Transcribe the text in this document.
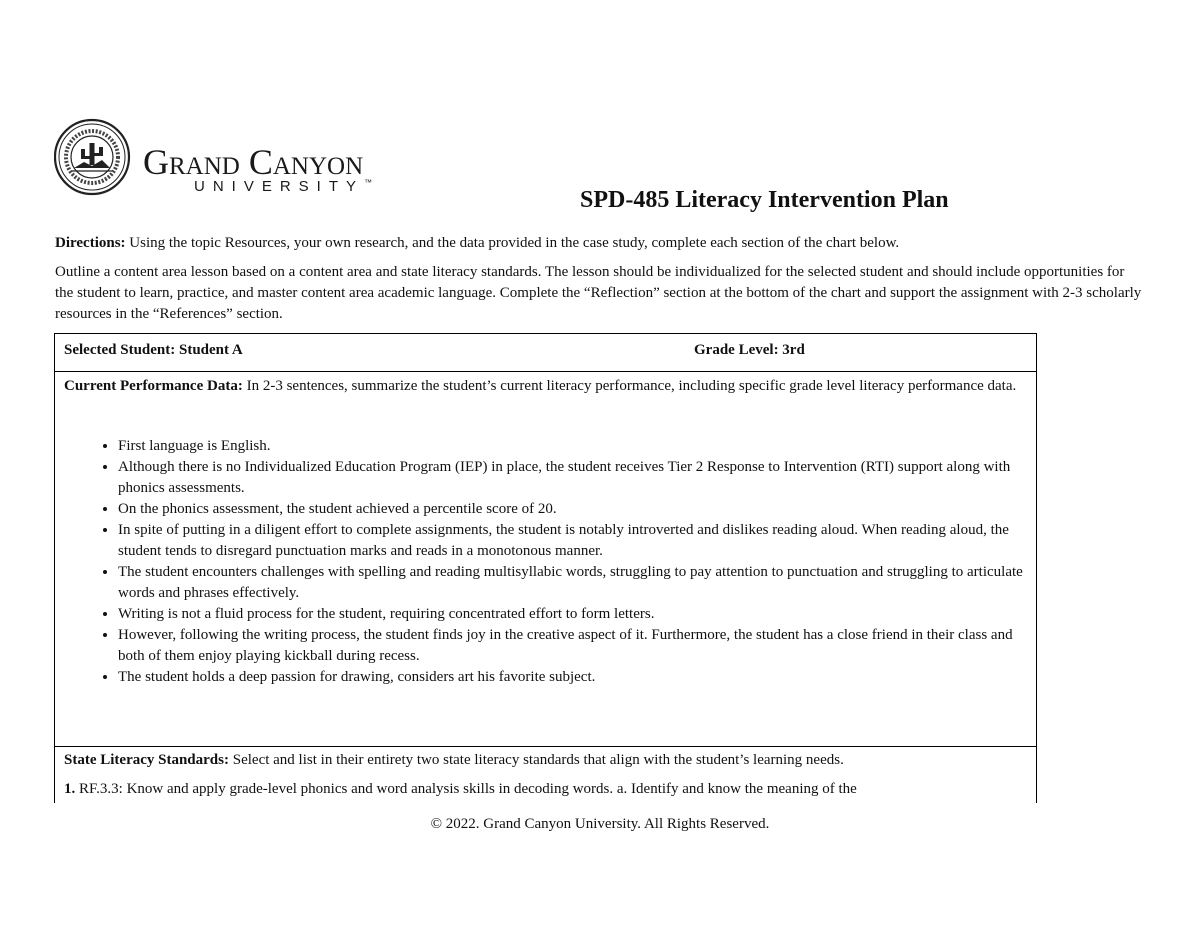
Grand Canyon
UNIVERSITY™
SPD-485 Literacy Intervention Plan
Directions: Using the topic Resources, your own research, and the data provided in the case study, complete each section of the chart below.
Outline a content area lesson based on a content area and state literacy standards. The lesson should be individualized for the selected student and should include opportunities for the student to learn, practice, and master content area academic language. Complete the “Reflection” section at the bottom of the chart and support the assignment with 2-3 scholarly resources in the “References” section.
Selected Student: Student A	Grade Level: 3rd
Current Performance Data: In 2-3 sentences, summarize the student’s current literacy performance, including specific grade level literacy performance data.
• First language is English.
• Although there is no Individualized Education Program (IEP) in place, the student receives Tier 2 Response to Intervention (RTI) support along with phonics assessments.
• On the phonics assessment, the student achieved a percentile score of 20.
• In spite of putting in a diligent effort to complete assignments, the student is notably introverted and dislikes reading aloud. When reading aloud, the student tends to disregard punctuation marks and reads in a monotonous manner.
• The student encounters challenges with spelling and reading multisyllabic words, struggling to pay attention to punctuation and struggling to articulate words and phrases effectively.
• Writing is not a fluid process for the student, requiring concentrated effort to form letters.
• However, following the writing process, the student finds joy in the creative aspect of it. Furthermore, the student has a close friend in their class and both of them enjoy playing kickball during recess.
• The student holds a deep passion for drawing, considers art his favorite subject.
State Literacy Standards: Select and list in their entirety two state literacy standards that align with the student’s learning needs.
1. RF.3.3: Know and apply grade-level phonics and word analysis skills in decoding words. a. Identify and know the meaning of the
© 2022. Grand Canyon University. All Rights Reserved.
